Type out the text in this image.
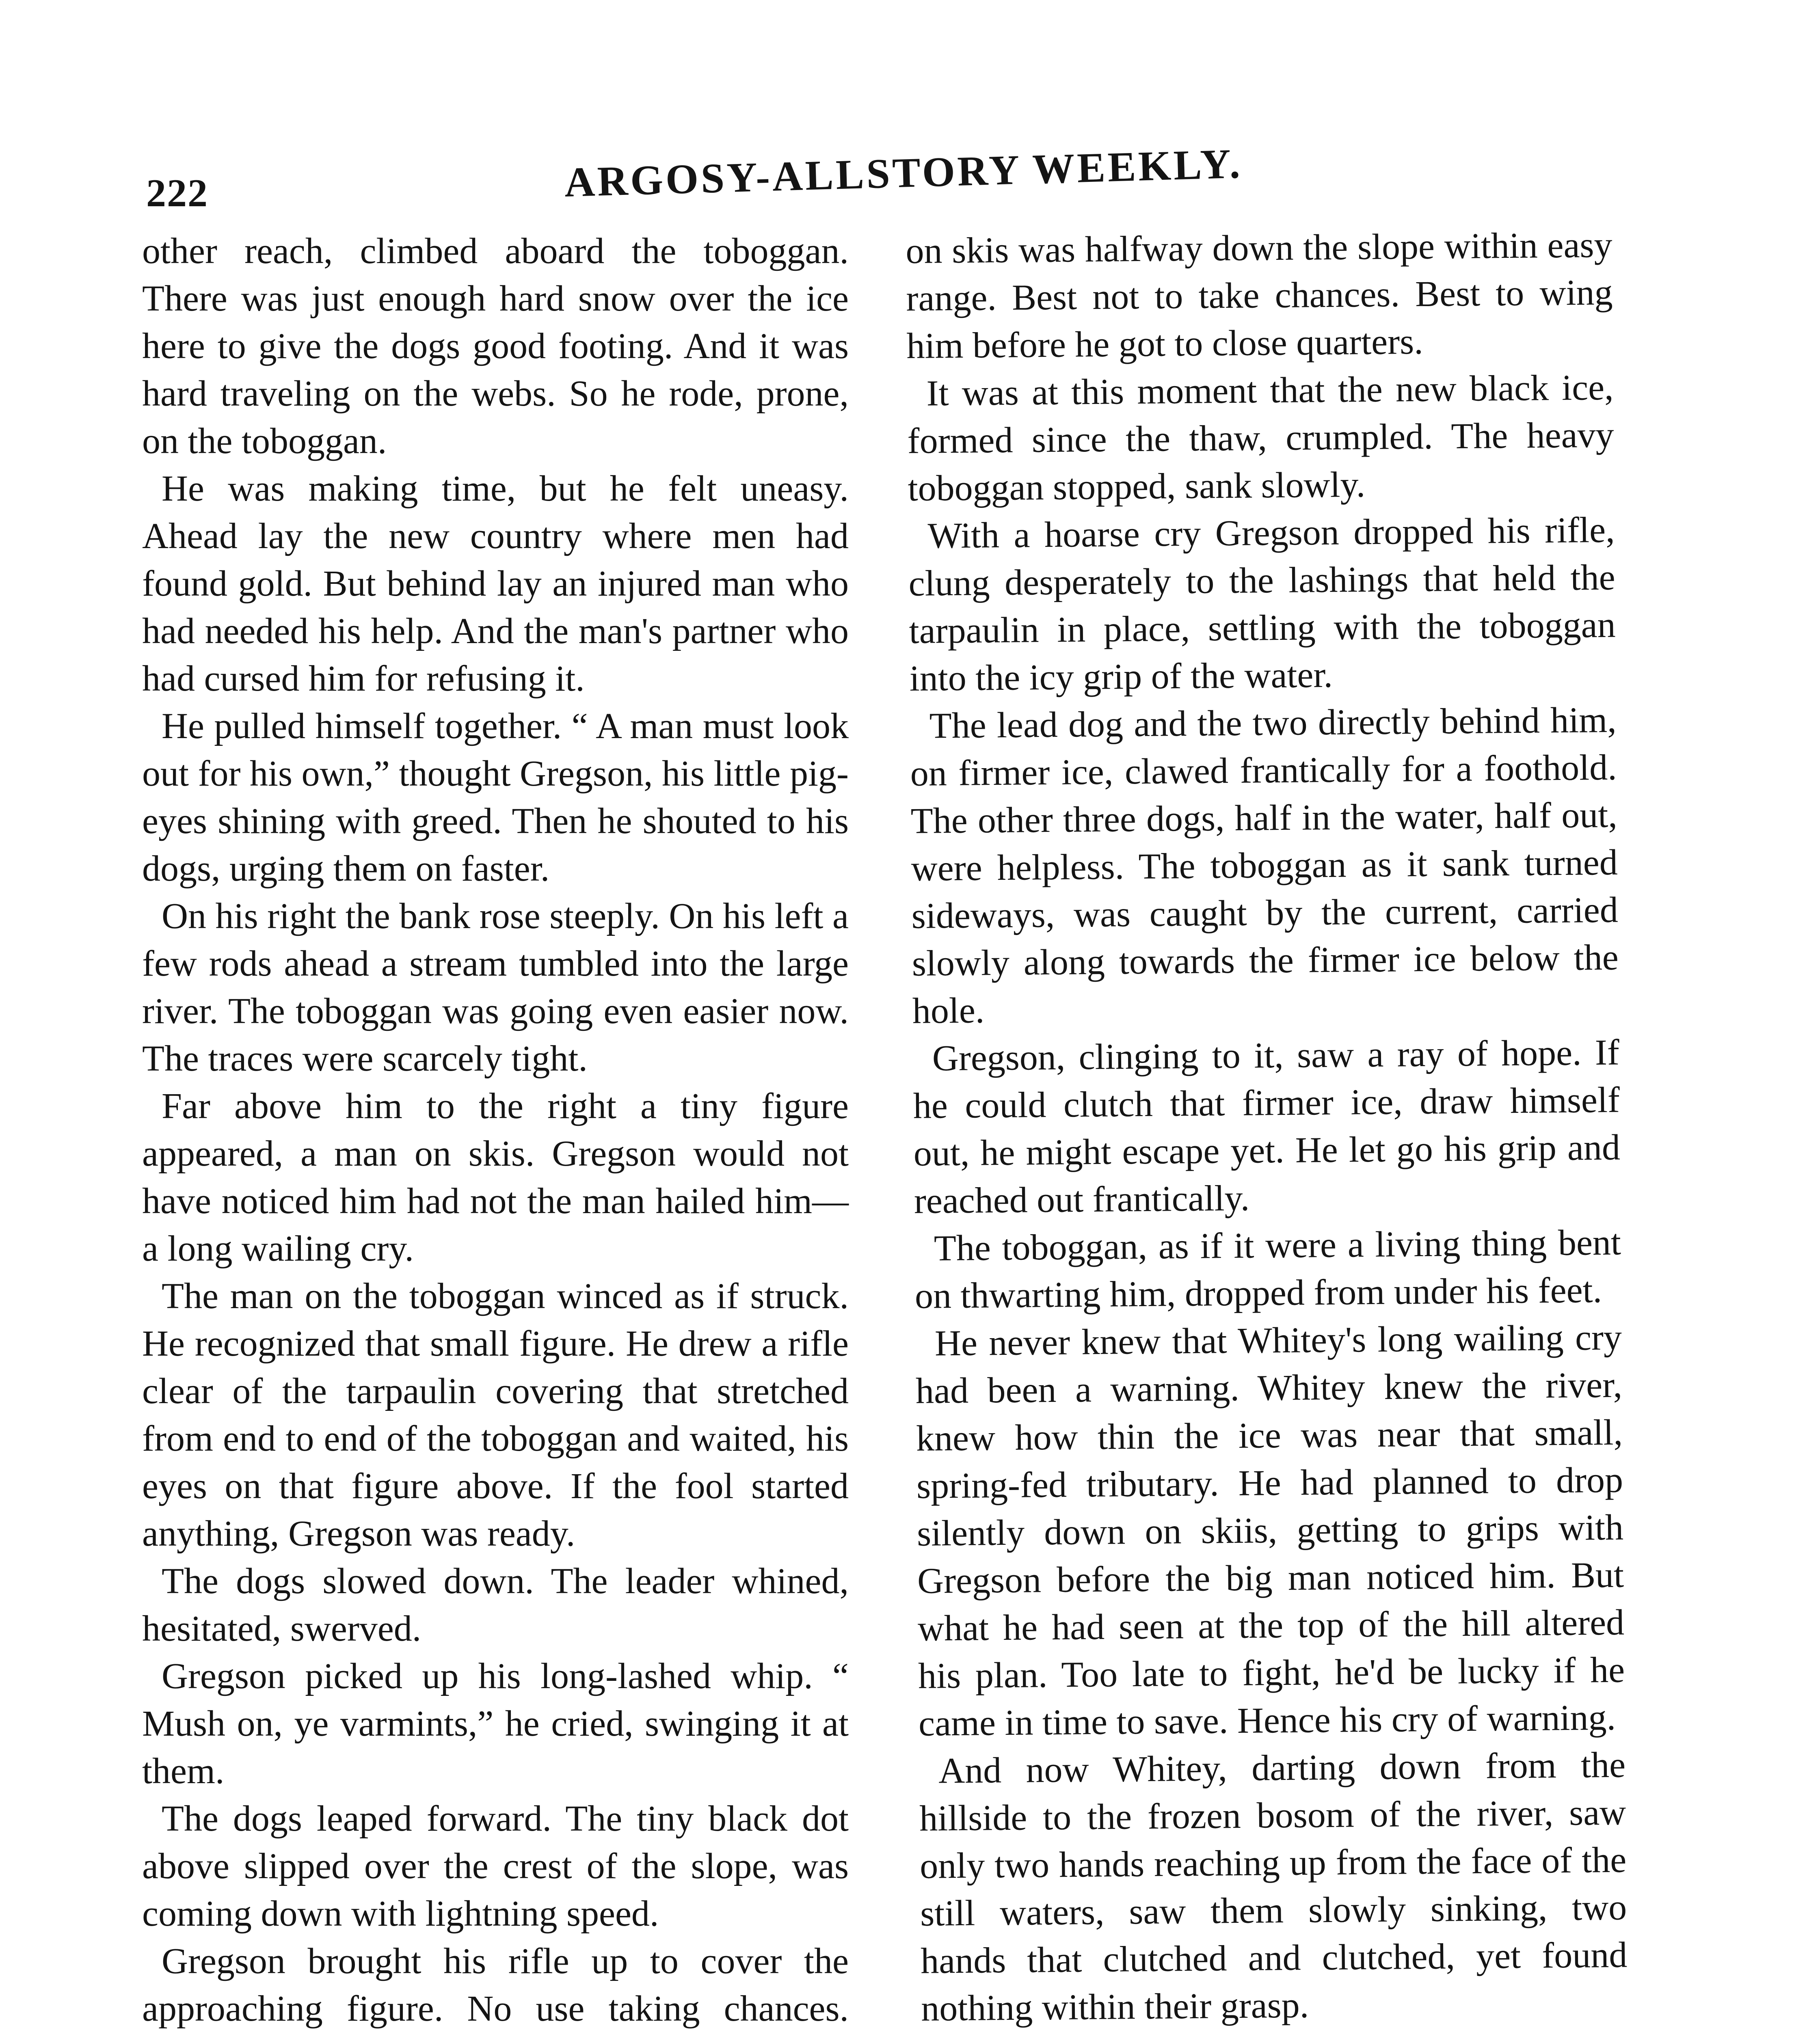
222	ARGOSY-ALLSTORY WEEKLY.

other reach, climbed aboard the toboggan. There was just enough hard snow over the ice here to give the dogs good footing. And it was hard traveling on the webs. So he rode, prone, on the toboggan.

He was making time, but he felt uneasy. Ahead lay the new country where men had found gold. But behind lay an injured man who had needed his help. And the man's partner who had cursed him for refusing it.

He pulled himself together. “ A man must look out for his own,” thought Gregson, his little pig-eyes shining with greed. Then he shouted to his dogs, urging them on faster.

On his right the bank rose steeply. On his left a few rods ahead a stream tumbled into the large river. The toboggan was going even easier now. The traces were scarcely tight.

Far above him to the right a tiny figure appeared, a man on skis. Gregson would not have noticed him had not the man hailed him—a long wailing cry.

The man on the toboggan winced as if struck. He recognized that small figure. He drew a rifle clear of the tarpaulin covering that stretched from end to end of the toboggan and waited, his eyes on that figure above. If the fool started anything, Gregson was ready.

The dogs slowed down. The leader whined, hesitated, swerved.

Gregson picked up his long-lashed whip. “ Mush on, ye varmints,” he cried, swinging it at them.

The dogs leaped forward. The tiny black dot above slipped over the crest of the slope, was coming down with lightning speed.

Gregson brought his rifle up to cover the approaching figure. No use taking chances.

on skis was halfway down the slope within easy range. Best not to take chances. Best to wing him before he got to close quarters.

It was at this moment that the new black ice, formed since the thaw, crumpled. The heavy toboggan stopped, sank slowly.

With a hoarse cry Gregson dropped his rifle, clung desperately to the lashings that held the tarpaulin in place, settling with the toboggan into the icy grip of the water.

The lead dog and the two directly behind him, on firmer ice, clawed frantically for a foothold. The other three dogs, half in the water, half out, were helpless. The toboggan as it sank turned sideways, was caught by the current, carried slowly along towards the firmer ice below the hole.

Gregson, clinging to it, saw a ray of hope. If he could clutch that firmer ice, draw himself out, he might escape yet. He let go his grip and reached out frantically.

The toboggan, as if it were a living thing bent on thwarting him, dropped from under his feet.

He never knew that Whitey's long wailing cry had been a warning. Whitey knew the river, knew how thin the ice was near that small, spring-fed tributary. He had planned to drop silently down on skiis, getting to grips with Gregson before the big man noticed him. But what he had seen at the top of the hill altered his plan. Too late to fight, he'd be lucky if he came in time to save. Hence his cry of warning.

And now Whitey, darting down from the hillside to the frozen bosom of the river, saw only two hands reaching up from the face of the still waters, saw them slowly sinking, two hands that clutched and clutched, yet found nothing within their grasp.
